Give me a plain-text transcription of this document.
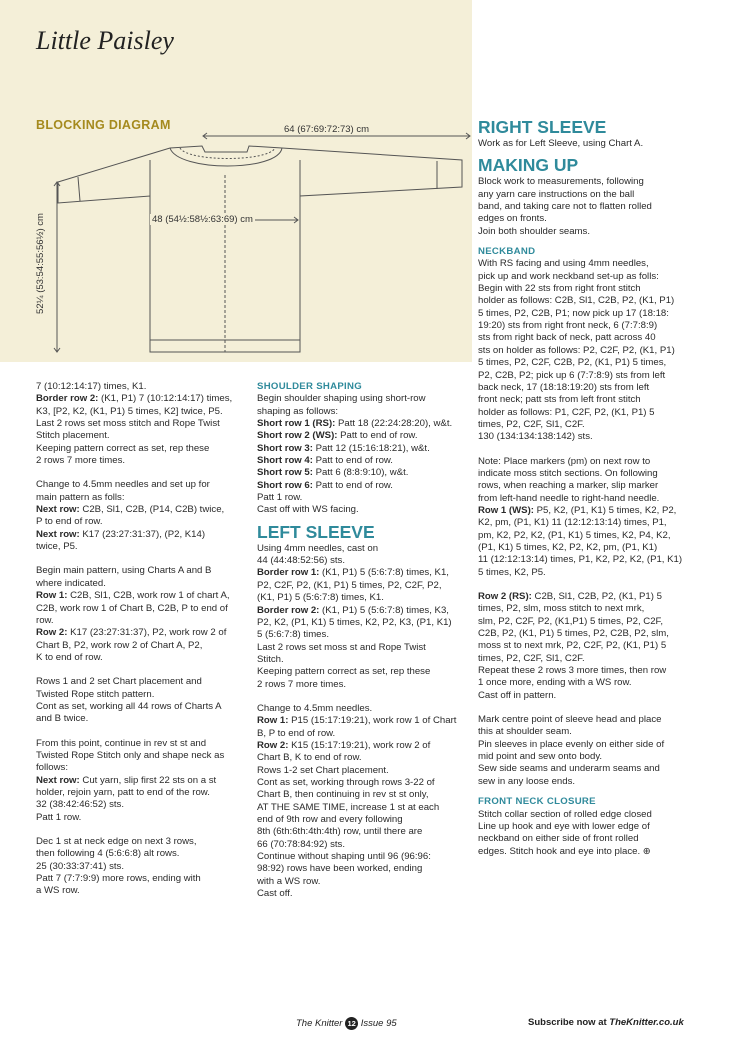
Little Paisley
BLOCKING DIAGRAM	64 (67:69:72:73) cm
48 (54½:58½:63:69) cm
52¼ (53:54:55:56½) cm

7 (10:12:14:17) times, K1.

Border row 2: (K1, P1) 7 (10:12:14:17) times,

K3, [P2, K2, (K1, P1) 5 times, K2] twice, P5.

Last 2 rows set moss stitch and Rope Twist

Stitch placement.

Keeping pattern correct as set, rep these

2 rows 7 more times.

Change to 4.5mm needles and set up for

main pattern as folls:

Next row: C2B, Sl1, C2B, (P14, C2B) twice,

P to end of row.

Next row: K17 (23:27:31:37), (P2, K14)

twice, P5.

Begin main pattern, using Charts A and B

where indicated.

Row 1: C2B, Sl1, C2B, work row 1 of chart A,

C2B, work row 1 of Chart B, C2B, P to end of

row.

Row 2: K17 (23:27:31:37), P2, work row 2 of

Chart B, P2, work row 2 of Chart A, P2,

K to end of row.

Rows 1 and 2 set Chart placement and

Twisted Rope stitch pattern.

Cont as set, working all 44 rows of Charts A

and B twice.

From this point, continue in rev st st and

Twisted Rope Stitch only and shape neck as

follows:

Next row: Cut yarn, slip first 22 sts on a st

holder, rejoin yarn, patt to end of the row.

32 (38:42:46:52) sts.

Patt 1 row.

Dec 1 st at neck edge on next 3 rows,

then following 4 (5:6:6:8) alt rows.

25 (30:33:37:41) sts.

Patt 7 (7:7:9:9) more rows, ending with

a WS row.

SHOULDER SHAPING

Begin shoulder shaping using short-row

shaping as follows:

Short row 1 (RS): Patt 18 (22:24:28:20), w&t.

Short row 2 (WS): Patt to end of row.

Short row 3: Patt 12 (15:16:18:21), w&t.

Short row 4: Patt to end of row.

Short row 5: Patt 6 (8:8:9:10), w&t.

Short row 6: Patt to end of row.

Patt 1 row.

Cast off with WS facing.

LEFT SLEEVE

Using 4mm needles, cast on

44 (44:48:52:56) sts.

Border row 1: (K1, P1) 5 (5:6:7:8) times, K1,

P2, C2F, P2, (K1, P1) 5 times, P2, C2F, P2,

(K1, P1) 5 (5:6:7:8) times, K1.

Border row 2: (K1, P1) 5 (5:6:7:8) times, K3,

P2, K2, (P1, K1) 5 times, K2, P2, K3, (P1, K1)

5 (5:6:7:8) times.

Last 2 rows set moss st and Rope Twist

Stitch.

Keeping pattern correct as set, rep these

2 rows 7 more times.

Change to 4.5mm needles.

Row 1: P15 (15:17:19:21), work row 1 of Chart

B, P to end of row.

Row 2: K15 (15:17:19:21), work row 2 of

Chart B, K to end of row.

Rows 1-2 set Chart placement.

Cont as set, working through rows 3-22 of

Chart B, then continuing in rev st st only,

AT THE SAME TIME, increase 1 st at each

end of 9th row and every following

8th (6th:6th:4th:4th) row, until there are

66 (70:78:84:92) sts.

Continue without shaping until 96 (96:96:

98:92) rows have been worked, ending

with a WS row.

Cast off.

RIGHT SLEEVE

Work as for Left Sleeve, using Chart A.

MAKING UP

Block work to measurements, following

any yarn care instructions on the ball

band, and taking care not to flatten rolled

edges on fronts.

Join both shoulder seams.

NECKBAND

With RS facing and using 4mm needles,

pick up and work neckband set-up as folls:

Begin with 22 sts from right front stitch

holder as follows: C2B, Sl1, C2B, P2, (K1, P1)

5 times, P2, C2B, P1; now pick up 17 (18:18:

19:20) sts from right front neck, 6 (7:7:8:9)

sts from right back of neck, patt across 40

sts on holder as follows: P2, C2F, P2, (K1, P1)

5 times, P2, C2F, C2B, P2, (K1, P1) 5 times,

P2, C2B, P2; pick up 6 (7:7:8:9) sts from left

back neck, 17 (18:18:19:20) sts from left

front neck; patt sts from left front stitch

holder as follows: P1, C2F, P2, (K1, P1) 5

times, P2, C2F, Sl1, C2F.

130 (134:134:138:142) sts.

Note: Place markers (pm) on next row to

indicate moss stitch sections. On following

rows, when reaching a marker, slip marker

from left-hand needle to right-hand needle.

Row 1 (WS): P5, K2, (P1, K1) 5 times, K2, P2,

K2, pm, (P1, K1) 11 (12:12:13:14) times, P1,

pm, K2, P2, K2, (P1, K1) 5 times, K2, P4, K2,

(P1, K1) 5 times, K2, P2, K2, pm, (P1, K1)

11 (12:12:13:14) times, P1, K2, P2, K2, (P1, K1)

5 times, K2, P5.

Row 2 (RS): C2B, Sl1, C2B, P2, (K1, P1) 5

times, P2, slm, moss stitch to next mrk,

slm, P2, C2F, P2, (K1,P1) 5 times, P2, C2F,

C2B, P2, (K1, P1) 5 times, P2, C2B, P2, slm,

moss st to next mrk, P2, C2F, P2, (K1, P1) 5

times, P2, C2F, Sl1, C2F.

Repeat these 2 rows 3 more times, then row

1 once more, ending with a WS row.

Cast off in pattern.

Mark centre point of sleeve head and place

this at shoulder seam.

Pin sleeves in place evenly on either side of

mid point and sew onto body.

Sew side seams and underarm seams and

sew in any loose ends.

FRONT NECK CLOSURE

Stitch collar section of rolled edge closed

Line up hook and eye with lower edge of

neckband on either side of front rolled

edges. Stitch hook and eye into place. ⊕

The Knitter 12 Issue 95	Subscribe now at TheKnitter.co.uk
